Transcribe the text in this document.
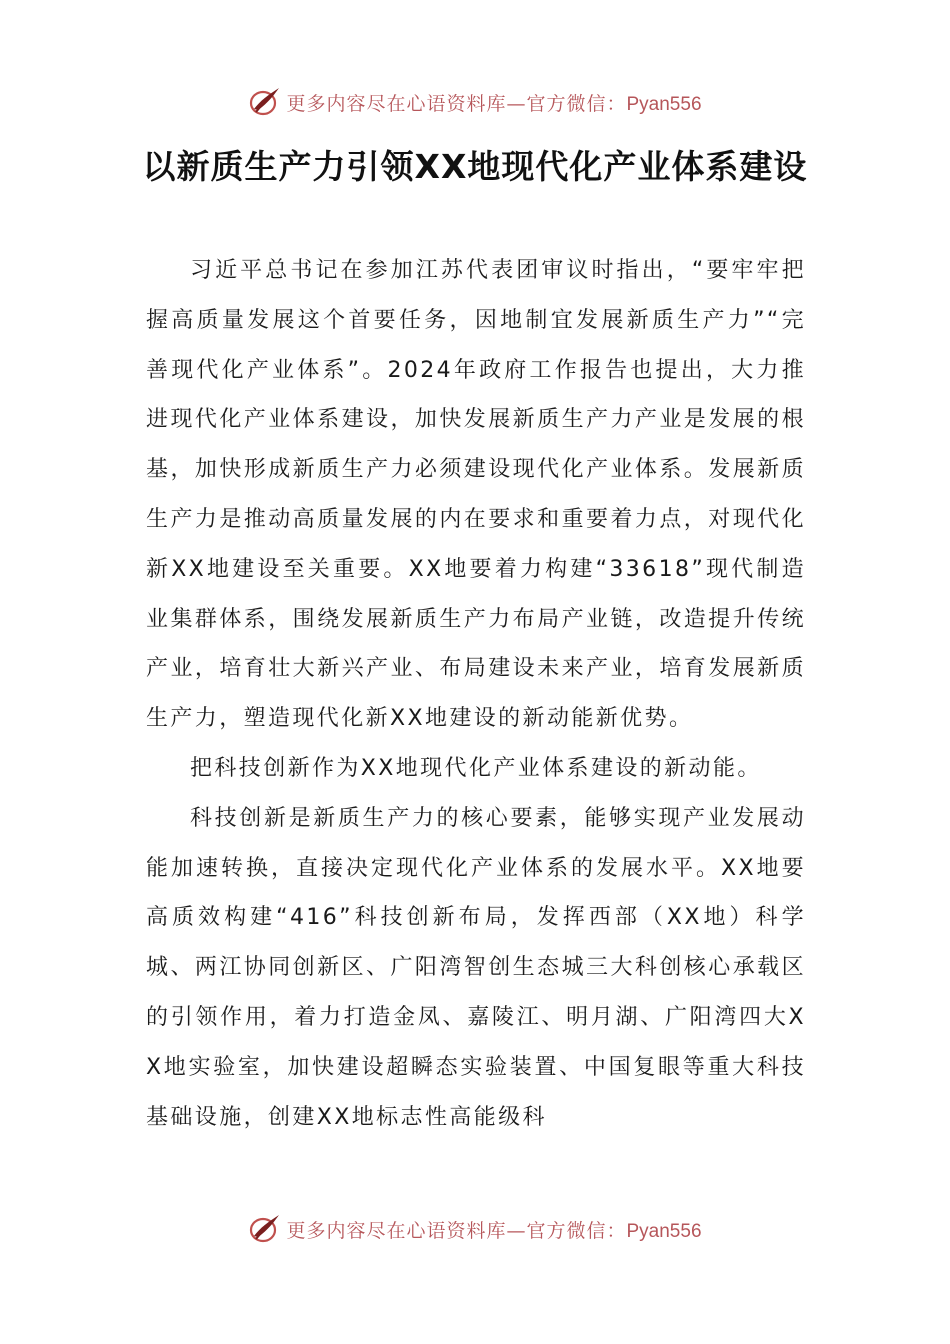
更多内容尽在心语资料库—官方微信：Pyan556
以新质生产力引领XX地现代化产业体系建设

习近平总书记在参加江苏代表团审议时指出，“要牢牢把握高质量发展这个首要任务，因地制宜发展新质生产力”“完善现代化产业体系”。2024年政府工作报告也提出，大力推进现代化产业体系建设，加快发展新质生产力产业是发展的根基，加快形成新质生产力必须建设现代化产业体系。发展新质生产力是推动高质量发展的内在要求和重要着力点，对现代化新XX地建设至关重要。XX地要着力构建“33618”现代制造业集群体系，围绕发展新质生产力布局产业链，改造提升传统产业，培育壮大新兴产业、布局建设未来产业，培育发展新质生产力，塑造现代化新XX地建设的新动能新优势。

把科技创新作为XX地现代化产业体系建设的新动能。

科技创新是新质生产力的核心要素，能够实现产业发展动能加速转换，直接决定现代化产业体系的发展水平。XX地要高质效构建“416”科技创新布局，发挥西部（XX地）科学城、两江协同创新区、广阳湾智创生态城三大科创核心承载区的引领作用，着力打造金凤、嘉陵江、明月湖、广阳湾四大XX地实验室，加快建设超瞬态实验装置、中国复眼等重大科技基础设施，创建XX地标志性高能级科

更多内容尽在心语资料库—官方微信：Pyan556
